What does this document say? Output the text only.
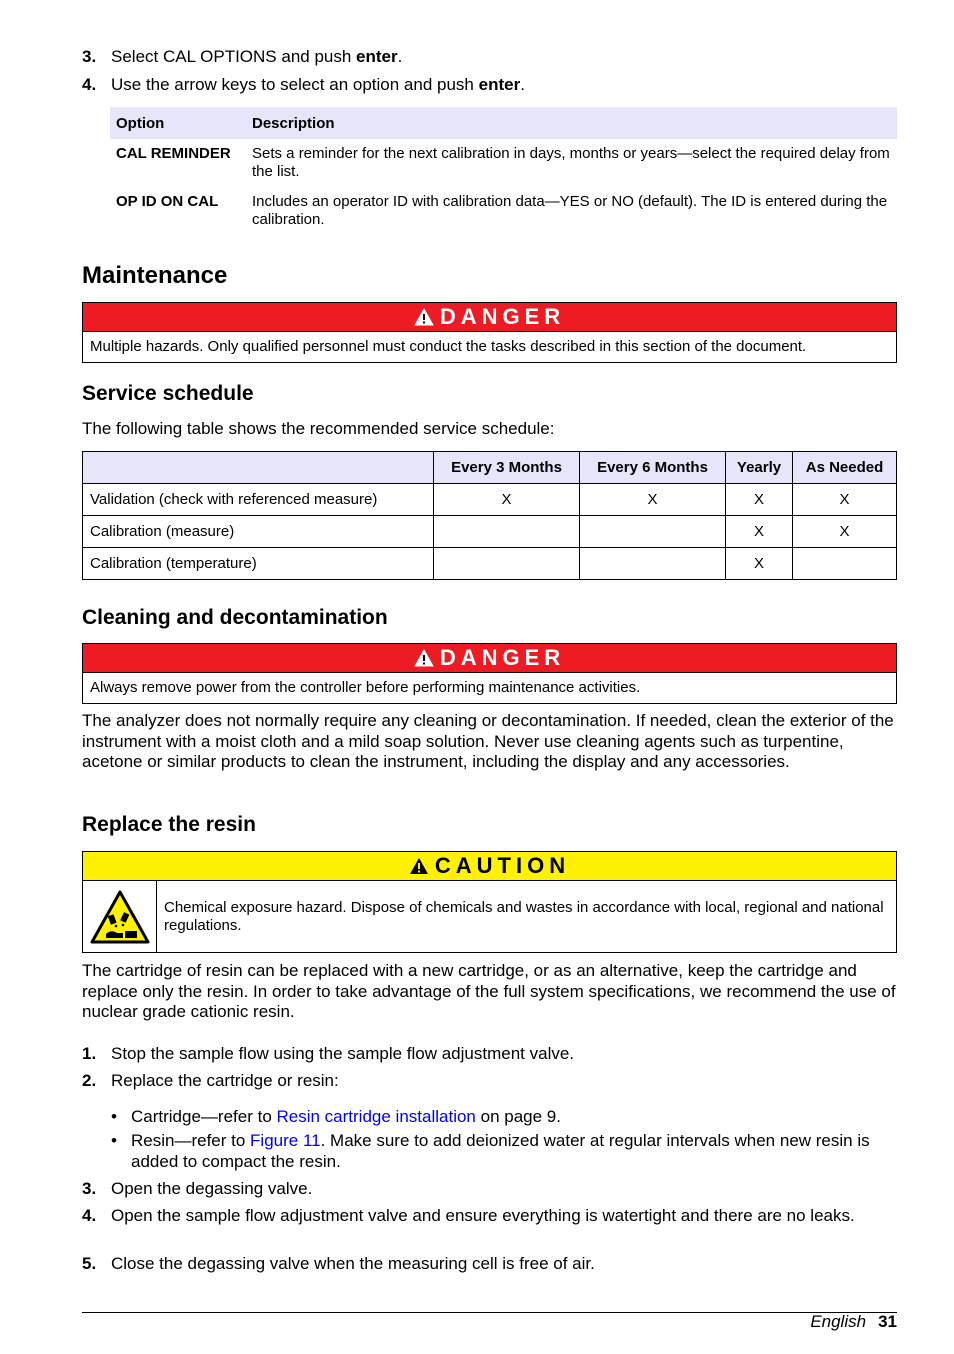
3. Select CAL OPTIONS and push enter.
4. Use the arrow keys to select an option and push enter.
Option	Description
CAL REMINDER	Sets a reminder for the next calibration in days, months or years—select the required delay from the list.
OP ID ON CAL	Includes an operator ID with calibration data—YES or NO (default). The ID is entered during the calibration.
Maintenance
DANGER
Multiple hazards. Only qualified personnel must conduct the tasks described in this section of the document.
Service schedule

The following table shows the recommended service schedule:

	Every 3 Months	Every 6 Months	Yearly	As Needed
Validation (check with referenced measure)	X	X	X	X
Calibration (measure)			X	X
Calibration (temperature)			X	
Cleaning and decontamination
DANGER
Always remove power from the controller before performing maintenance activities.

The analyzer does not normally require any cleaning or decontamination. If needed, clean the exterior of the instrument with a moist cloth and a mild soap solution. Never use cleaning agents such as turpentine, acetone or similar products to clean the instrument, including the display and any accessories.

Replace the resin
CAUTION
Chemical exposure hazard. Dispose of chemicals and wastes in accordance with local, regional and national regulations.

The cartridge of resin can be replaced with a new cartridge, or as an alternative, keep the cartridge and replace only the resin. In order to take advantage of the full system specifications, we recommend the use of nuclear grade cationic resin.

1. Stop the sample flow using the sample flow adjustment valve.
2. Replace the cartridge or resin:
• Cartridge—refer to Resin cartridge installation on page 9.
• Resin—refer to Figure 11. Make sure to add deionized water at regular intervals when new resin is added to compact the resin.
3. Open the degassing valve.
4. Open the sample flow adjustment valve and ensure everything is watertight and there are no leaks.
5. Close the degassing valve when the measuring cell is free of air.
English 31
